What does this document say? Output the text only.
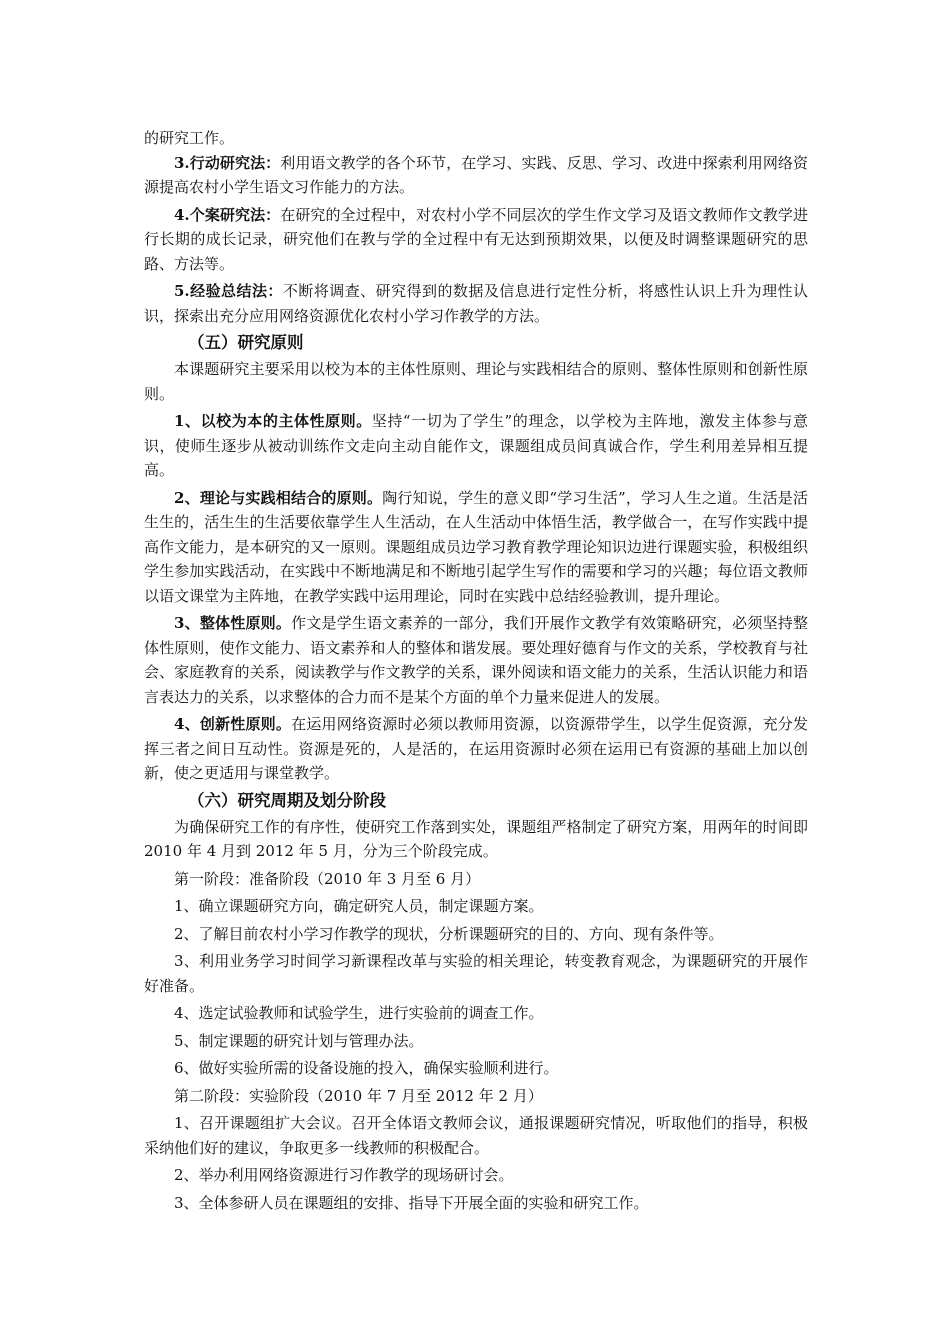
的研究工作。

3.行动研究法：利用语文教学的各个环节，在学习、实践、反思、学习、改进中探索利用网络资源提高农村小学生语文习作能力的方法。

4.个案研究法：在研究的全过程中，对农村小学不同层次的学生作文学习及语文教师作文教学进行长期的成长记录，研究他们在教与学的全过程中有无达到预期效果，以便及时调整课题研究的思路、方法等。

5.经验总结法：不断将调查、研究得到的数据及信息进行定性分析，将感性认识上升为理性认识，探索出充分应用网络资源优化农村小学习作教学的方法。

（五）研究原则

本课题研究主要采用以校为本的主体性原则、理论与实践相结合的原则、整体性原则和创新性原则。

1、以校为本的主体性原则。坚持“一切为了学生”的理念，以学校为主阵地，激发主体参与意识，使师生逐步从被动训练作文走向主动自能作文，课题组成员间真诚合作，学生利用差异相互提高。

2、理论与实践相结合的原则。陶行知说，学生的意义即“学习生活”，学习人生之道。生活是活生生的，活生生的生活要依靠学生人生活动，在人生活动中体悟生活，教学做合一，在写作实践中提高作文能力，是本研究的又一原则。课题组成员边学习教育教学理论知识边进行课题实验，积极组织学生参加实践活动，在实践中不断地满足和不断地引起学生写作的需要和学习的兴趣；每位语文教师以语文课堂为主阵地，在教学实践中运用理论，同时在实践中总结经验教训，提升理论。

3、整体性原则。作文是学生语文素养的一部分，我们开展作文教学有效策略研究，必须坚持整体性原则，使作文能力、语文素养和人的整体和谐发展。要处理好德育与作文的关系，学校教育与社会、家庭教育的关系，阅读教学与作文教学的关系，课外阅读和语文能力的关系，生活认识能力和语言表达力的关系，以求整体的合力而不是某个方面的单个力量来促进人的发展。

4、创新性原则。在运用网络资源时必须以教师用资源，以资源带学生，以学生促资源，充分发挥三者之间日互动性。资源是死的，人是活的，在运用资源时必须在运用已有资源的基础上加以创新，使之更适用与课堂教学。

（六）研究周期及划分阶段

为确保研究工作的有序性，使研究工作落到实处，课题组严格制定了研究方案，用两年的时间即 2010 年 4 月到 2012 年 5 月，分为三个阶段完成。

第一阶段：准备阶段（2010 年 3 月至 6 月）

1、确立课题研究方向，确定研究人员，制定课题方案。

2、了解目前农村小学习作教学的现状，分析课题研究的目的、方向、现有条件等。

3、利用业务学习时间学习新课程改革与实验的相关理论，转变教育观念，为课题研究的开展作好准备。

4、选定试验教师和试验学生，进行实验前的调查工作。

5、制定课题的研究计划与管理办法。

6、做好实验所需的设备设施的投入，确保实验顺利进行。

第二阶段：实验阶段（2010 年 7 月至 2012 年 2 月）

1、召开课题组扩大会议。召开全体语文教师会议，通报课题研究情况，听取他们的指导，积极采纳他们好的建议，争取更多一线教师的积极配合。

2、举办利用网络资源进行习作教学的现场研讨会。

3、全体参研人员在课题组的安排、指导下开展全面的实验和研究工作。
